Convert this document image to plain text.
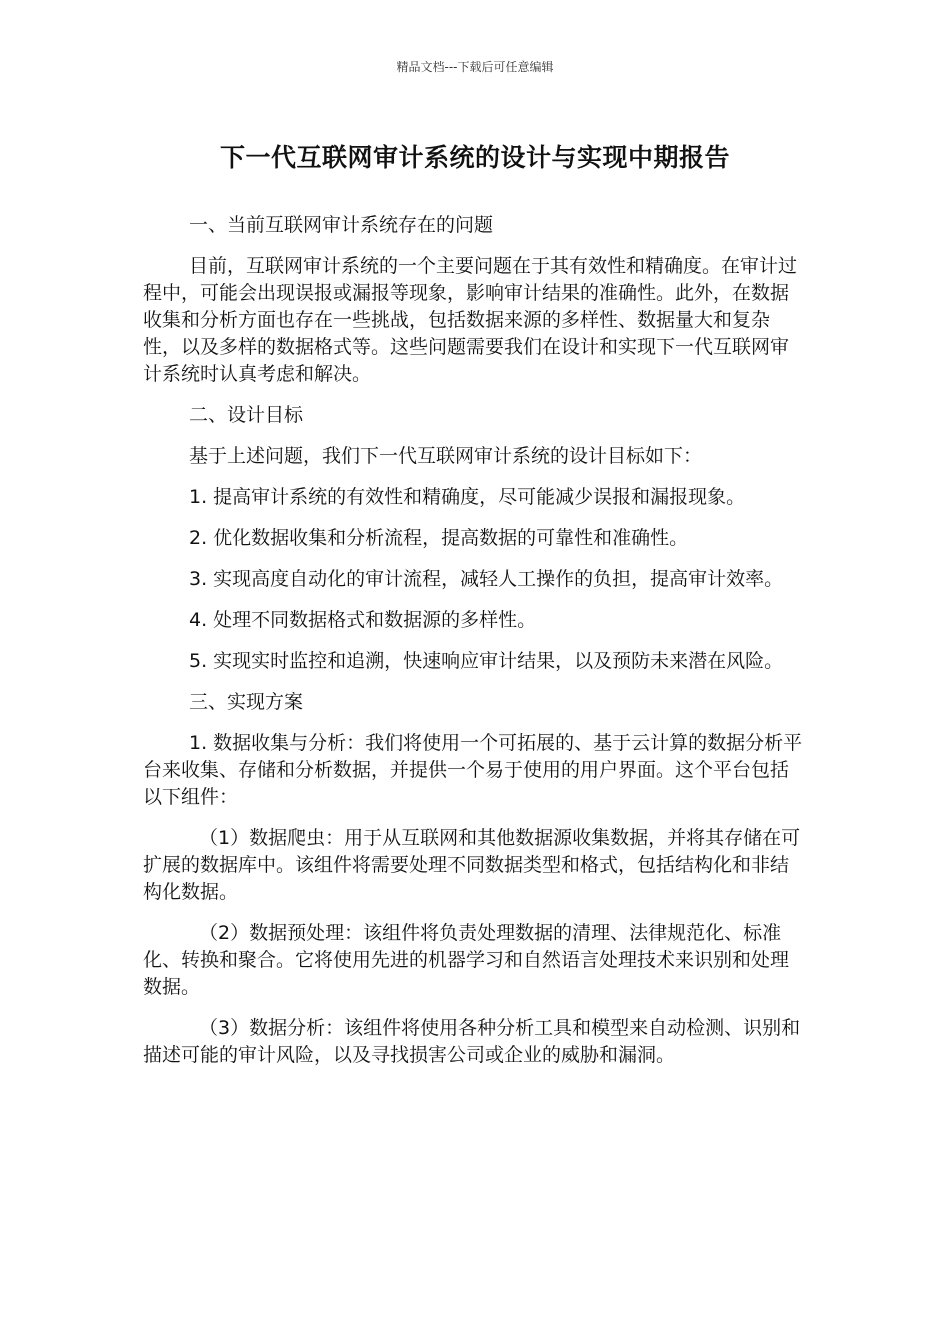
精品文档---下载后可任意编辑
下一代互联网审计系统的设计与实现中期报告

一、当前互联网审计系统存在的问题

目前，互联网审计系统的一个主要问题在于其有效性和精确度。在审计过程中，可能会出现误报或漏报等现象，影响审计结果的准确性。此外，在数据收集和分析方面也存在一些挑战，包括数据来源的多样性、数据量大和复杂性，以及多样的数据格式等。这些问题需要我们在设计和实现下一代互联网审计系统时认真考虑和解决。

二、设计目标

基于上述问题，我们下一代互联网审计系统的设计目标如下：

1. 提高审计系统的有效性和精确度，尽可能减少误报和漏报现象。

2. 优化数据收集和分析流程，提高数据的可靠性和准确性。

3. 实现高度自动化的审计流程，减轻人工操作的负担，提高审计效率。

4. 处理不同数据格式和数据源的多样性。

5. 实现实时监控和追溯，快速响应审计结果，以及预防未来潜在风险。

三、实现方案

1. 数据收集与分析：我们将使用一个可拓展的、基于云计算的数据分析平台来收集、存储和分析数据，并提供一个易于使用的用户界面。这个平台包括以下组件：

（1）数据爬虫：用于从互联网和其他数据源收集数据，并将其存储在可扩展的数据库中。该组件将需要处理不同数据类型和格式，包括结构化和非结构化数据。

（2）数据预处理：该组件将负责处理数据的清理、法律规范化、标准化、转换和聚合。它将使用先进的机器学习和自然语言处理技术来识别和处理数据。

（3）数据分析：该组件将使用各种分析工具和模型来自动检测、识别和描述可能的审计风险，以及寻找损害公司或企业的威胁和漏洞。
